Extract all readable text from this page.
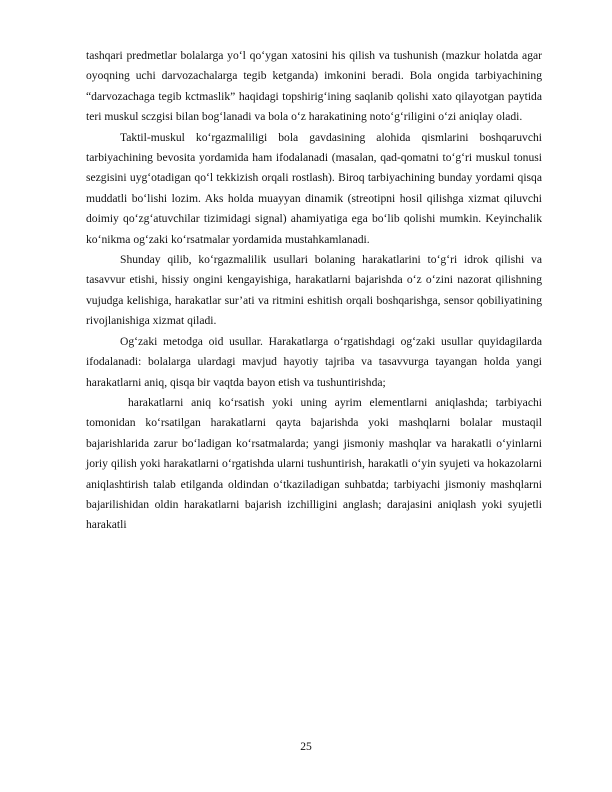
tashqari predmetlar bolalarga yo‘l qo‘ygan xatosini his qilish va tushunish (mazkur holatda agar oyoqning uchi darvozachalarga tegib ketganda) imkonini beradi. Bola ongida tarbiyachining “darvozachaga tegib kctmaslik” haqidagi topshirig‘ining saqlanib qolishi xato qilayotgan paytida teri muskul sczgisi bilan bog‘lanadi va bola o‘z harakatining noto‘g‘riligini o‘zi aniqlay oladi.

Taktil-muskul ko‘rgazmaliligi bola gavdasining alohida qismlarini boshqaruvchi tarbiyachining bevosita yordamida ham ifodalanadi (masalan, qad-qomatni to‘g‘ri muskul tonusi sezgisini uyg‘otadigan qo‘l tekkizish orqali rostlash). Biroq tarbiyachining bunday yordami qisqa muddatli bo‘lishi lozim. Aks holda muayyan dinamik (streotipni hosil qilishga xizmat qiluvchi doimiy qo‘zg‘atuvchilar tizimidagi signal) ahamiyatiga ega bo‘lib qolishi mumkin. Keyinchalik ko‘nikma og‘zaki ko‘rsatmalar yordamida mustahkamlanadi.

Shunday qilib, ko‘rgazmalilik usullari bolaning harakatlarini to‘g‘ri idrok qilishi va tasavvur etishi, hissiy ongini kengayishiga, harakatlarni bajarishda o‘z o‘zini nazorat qilishning vujudga kelishiga, harakatlar sur’ati va ritmini eshitish orqali boshqarishga, sensor qobiliyatining rivojlanishiga xizmat qiladi.

Og‘zaki metodga oid usullar. Harakatlarga o‘rgatishdagi og‘zaki usullar quyidagilarda ifodalanadi: bolalarga ulardagi mavjud hayotiy tajriba va tasavvurga tayangan holda yangi harakatlarni aniq, qisqa bir vaqtda bayon etish va tushuntirishda;

harakatlarni aniq ko‘rsatish yoki uning ayrim elementlarni aniqlashda; tarbiyachi tomonidan ko‘rsatilgan harakatlarni qayta bajarishda yoki mashqlarni bolalar mustaqil bajarishlarida zarur bo‘ladigan ko‘rsatmalarda; yangi jismoniy mashqlar va harakatli o‘yinlarni joriy qilish yoki harakatlarni o‘rgatishda ularni tushuntirish, harakatli o‘yin syujeti va hokazolarni aniqlashtirish talab etilganda oldindan o‘tkaziladigan suhbatda; tarbiyachi jismoniy mashqlarni bajarilishidan oldin harakatlarni bajarish izchilligini anglash; darajasini aniqlash yoki syujetli harakatli

25
